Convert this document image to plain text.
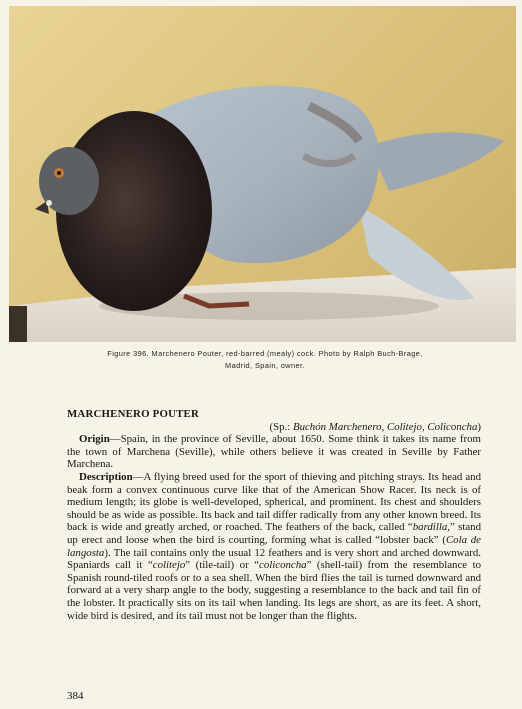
Figure 396. Marchenero Pouter, red-barred (mealy) cock. Photo by Ralph Buch-Brage,
Madrid, Spain, owner.
MARCHENERO POUTER
(Sp.: Buchón Marchenero, Colitejo, Coliconcha)

Origin—Spain, in the province of Seville, about 1650. Some think it takes its name from the town of Marchena (Seville), while others believe it was created in Seville by Father Marchena.

Description—A flying breed used for the sport of thieving and pitching strays. Its head and beak form a convex continuous curve like that of the American Show Racer. Its neck is of medium length; its globe is well-developed, spherical, and prominent. Its chest and shoulders should be as wide as possible. Its back and tail differ radically from any other known breed. Its back is wide and greatly arched, or roached. The feathers of the back, called “bardilla,” stand up erect and loose when the bird is courting, forming what is called “lobster back” (Cola de langosta). The tail contains only the usual 12 feathers and is very short and arched downward. Spaniards call it “colitejo” (tile-tail) or “coliconcha” (shell-tail) from the resemblance to Spanish round-tiled roofs or to a sea shell. When the bird flies the tail is turned downward and forward at a very sharp angle to the body, suggesting a resemblance to the back and tail fin of the lobster. It practically sits on its tail when landing. Its legs are short, as are its feet. A short, wide bird is desired, and its tail must not be longer than the flights.

384
